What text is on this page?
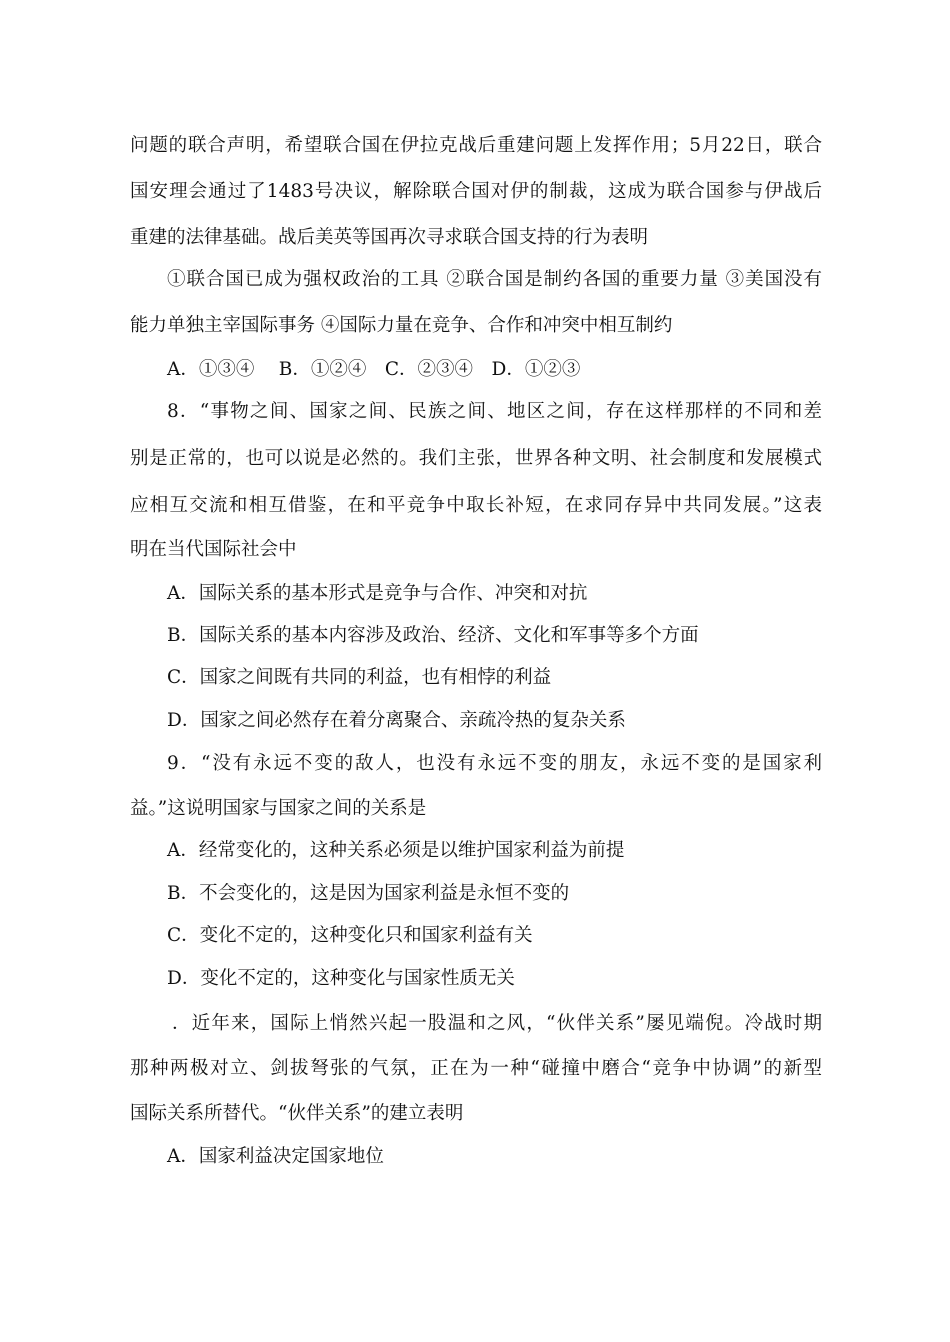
问题的联合声明，希望联合国在伊拉克战后重建问题上发挥作用；5月22日，联合
国安理会通过了1483号决议，解除联合国对伊的制裁，这成为联合国参与伊战后
重建的法律基础。战后美英等国再次寻求联合国支持的行为表明
①联合国已成为强权政治的工具 ②联合国是制约各国的重要力量 ③美国没有
能力单独主宰国际事务 ④国际力量在竞争、合作和冲突中相互制约
A．①③④　 B．①②④　C．②③④　D．①②③
8．“事物之间、国家之间、民族之间、地区之间，存在这样那样的不同和差
别是正常的，也可以说是必然的。我们主张，世界各种文明、社会制度和发展模式
应相互交流和相互借鉴，在和平竞争中取长补短，在求同存异中共同发展。”这表
明在当代国际社会中
A．国际关系的基本形式是竞争与合作、冲突和对抗
B．国际关系的基本内容涉及政治、经济、文化和军事等多个方面
C．国家之间既有共同的利益，也有相悖的利益
D．国家之间必然存在着分离聚合、亲疏冷热的复杂关系
9．“没有永远不变的敌人，也没有永远不变的朋友，永远不变的是国家利
益。”这说明国家与国家之间的关系是
A．经常变化的，这种关系必须是以维护国家利益为前提
B．不会变化的，这是因为国家利益是永恒不变的
C．变化不定的，这种变化只和国家利益有关
D．变化不定的，这种变化与国家性质无关
．近年来，国际上悄然兴起一股温和之风，“伙伴关系”屡见端倪。冷战时期
那种两极对立、剑拔弩张的气氛，正在为一种“碰撞中磨合“竞争中协调”的新型
国际关系所替代。“伙伴关系”的建立表明
A．国家利益决定国家地位
